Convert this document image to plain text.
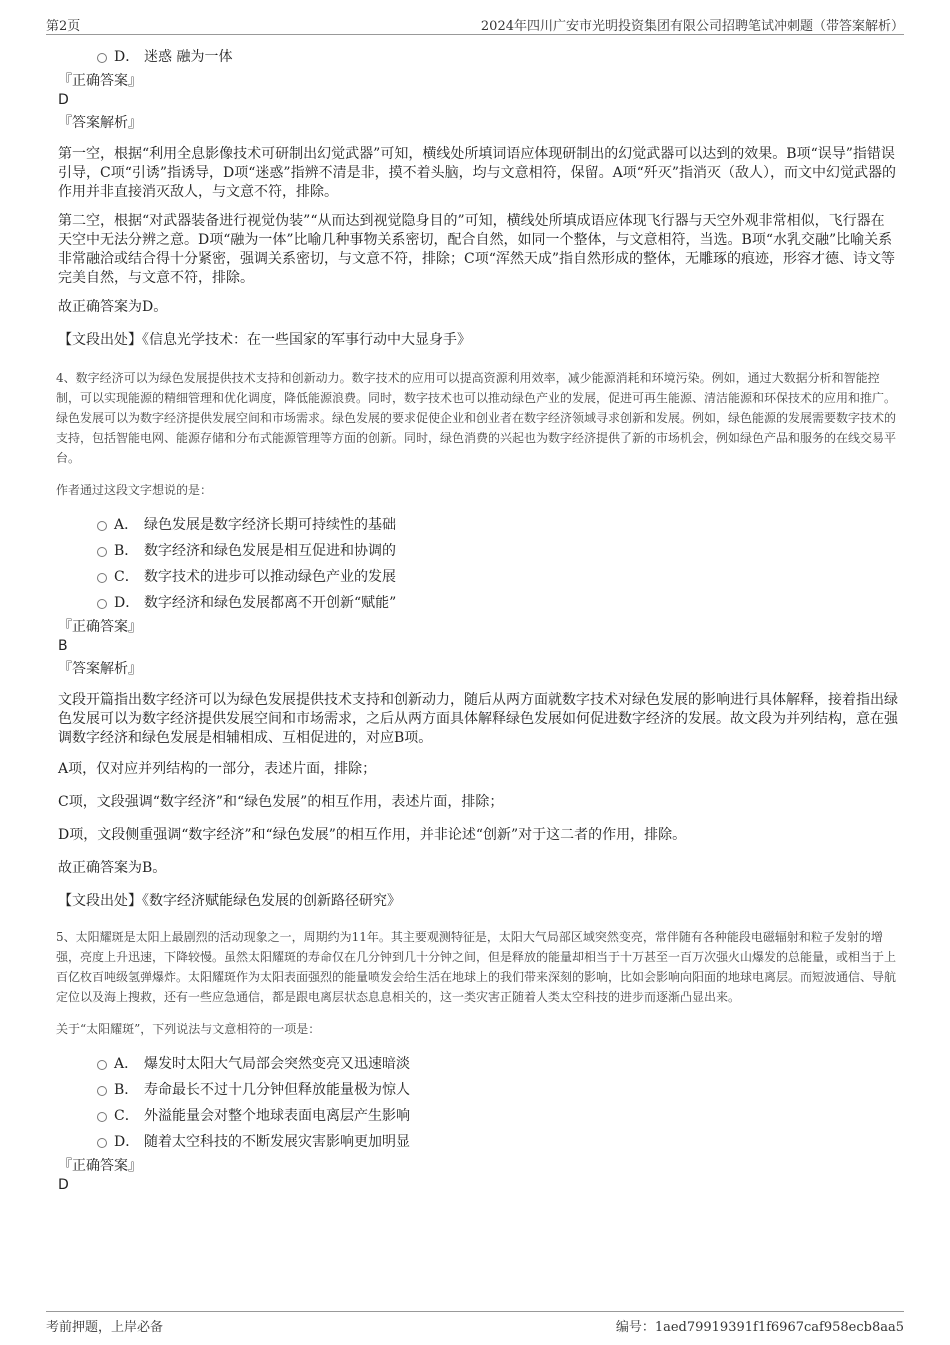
第2页	2024年四川广安市光明投资集团有限公司招聘笔试冲刺题（带答案解析）
D． 迷惑 融为一体
『正确答案』
D
『答案解析』
第一空，根据“利用全息影像技术可研制出幻觉武器”可知，横线处所填词语应体现研制出的幻觉武器可以达到的效果。B项“误导”指错误引导，C项“引诱”指诱导，D项“迷惑”指辨不清是非，摸不着头脑，均与文意相符，保留。A项“歼灭”指消灭（敌人），而文中幻觉武器的作用并非直接消灭敌人，与文意不符，排除。
第二空，根据“对武器装备进行视觉伪装”“从而达到视觉隐身目的”可知，横线处所填成语应体现飞行器与天空外观非常相似，飞行器在天空中无法分辨之意。D项“融为一体”比喻几种事物关系密切，配合自然，如同一个整体，与文意相符，当选。B项“水乳交融”比喻关系非常融洽或结合得十分紧密，强调关系密切，与文意不符，排除；C项“浑然天成”指自然形成的整体，无雕琢的痕迹，形容才德、诗文等完美自然，与文意不符，排除。
故正确答案为D。
【文段出处】《信息光学技术：在一些国家的军事行动中大显身手》
4、数字经济可以为绿色发展提供技术支持和创新动力。数字技术的应用可以提高资源利用效率，减少能源消耗和环境污染。例如，通过大数据分析和智能控制，可以实现能源的精细管理和优化调度，降低能源浪费。同时，数字技术也可以推动绿色产业的发展，促进可再生能源、清洁能源和环保技术的应用和推广。绿色发展可以为数字经济提供发展空间和市场需求。绿色发展的要求促使企业和创业者在数字经济领域寻求创新和发展。例如，绿色能源的发展需要数字技术的支持，包括智能电网、能源存储和分布式能源管理等方面的创新。同时，绿色消费的兴起也为数字经济提供了新的市场机会，例如绿色产品和服务的在线交易平台。
作者通过这段文字想说的是：
A． 绿色发展是数字经济长期可持续性的基础
B． 数字经济和绿色发展是相互促进和协调的
C． 数字技术的进步可以推动绿色产业的发展
D． 数字经济和绿色发展都离不开创新“赋能”
『正确答案』
B
『答案解析』
文段开篇指出数字经济可以为绿色发展提供技术支持和创新动力，随后从两方面就数字技术对绿色发展的影响进行具体解释，接着指出绿色发展可以为数字经济提供发展空间和市场需求，之后从两方面具体解释绿色发展如何促进数字经济的发展。故文段为并列结构，意在强调数字经济和绿色发展是相辅相成、互相促进的，对应B项。
A项，仅对应并列结构的一部分，表述片面，排除；
C项，文段强调“数字经济”和“绿色发展”的相互作用，表述片面，排除；
D项，文段侧重强调“数字经济”和“绿色发展”的相互作用，并非论述“创新”对于这二者的作用，排除。
故正确答案为B。
【文段出处】《数字经济赋能绿色发展的创新路径研究》
5、太阳耀斑是太阳上最剧烈的活动现象之一，周期约为11年。其主要观测特征是，太阳大气局部区域突然变亮，常伴随有各种能段电磁辐射和粒子发射的增强，亮度上升迅速，下降较慢。虽然太阳耀斑的寿命仅在几分钟到几十分钟之间，但是释放的能量却相当于十万甚至一百万次强火山爆发的总能量，或相当于上百亿枚百吨级氢弹爆炸。太阳耀斑作为太阳表面强烈的能量喷发会给生活在地球上的我们带来深刻的影响，比如会影响向阳面的地球电离层。而短波通信、导航定位以及海上搜救，还有一些应急通信，都是跟电离层状态息息相关的，这一类灾害正随着人类太空科技的进步而逐渐凸显出来。
关于“太阳耀斑”，下列说法与文意相符的一项是：
A． 爆发时太阳大气局部会突然变亮又迅速暗淡
B． 寿命最长不过十几分钟但释放能量极为惊人
C． 外溢能量会对整个地球表面电离层产生影响
D． 随着太空科技的不断发展灾害影响更加明显
『正确答案』
D
考前押题，上岸必备	编号：1aed79919391f1f6967caf958ecb8aa5
